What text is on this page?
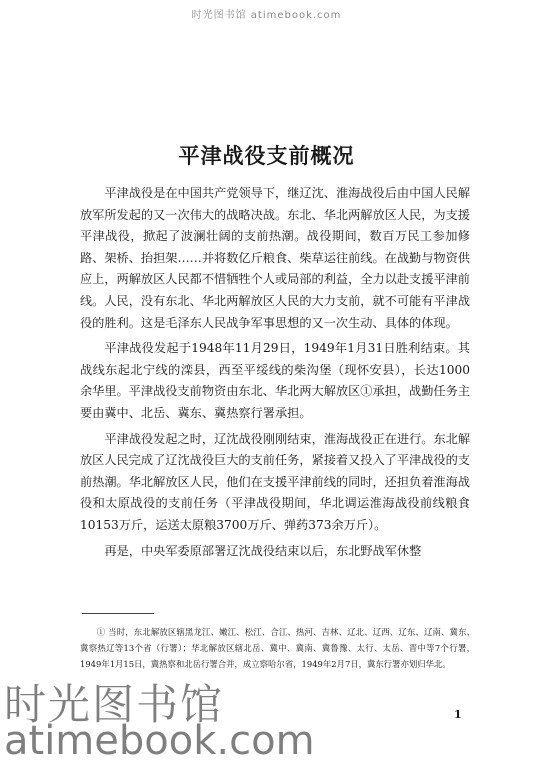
时光图书馆 atimebook.com
平津战役支前概况

平津战役是在中国共产党领导下，继辽沈、淮海战役后由中国人民解放军所发起的又一次伟大的战略决战。东北、华北两解放区人民，为支援平津战役，掀起了波澜壮阔的支前热潮。战役期间，数百万民工参加修路、架桥、抬担架……并将数亿斤粮食、柴草运往前线。在战勤与物资供应上，两解放区人民都不惜牺牲个人或局部的利益，全力以赴支援平津前线。人民，没有东北、华北两解放区人民的大力支前，就不可能有平津战役的胜利。这是毛泽东人民战争军事思想的又一次生动、具体的体现。

平津战役发起于1948年11月29日，1949年1月31日胜利结束。其战线东起北宁线的滦县，西至平绥线的柴沟堡（现怀安县），长达1000余华里。平津战役支前物资由东北、华北两大解放区①承担，战勤任务主要由冀中、北岳、冀东、冀热察行署承担。

平津战役发起之时，辽沈战役刚刚结束，淮海战役正在进行。东北解放区人民完成了辽沈战役巨大的支前任务，紧接着又投入了平津战役的支前热潮。华北解放区人民，他们在支援平津前线的同时，还担负着淮海战役和太原战役的支前任务（平津战役期间，华北调运淮海战役前线粮食10153万斤，运送太原粮3700万斤、弹药373余万斤）。

再是，中央军委原部署辽沈战役结束以后，东北野战军休整

① 当时，东北解放区辖黑龙江、嫩江、松江、合江、热河、吉林、辽北、辽西、辽东、辽南、冀东、冀察热辽等13个省（行署）；华北解放区辖北岳、冀中、冀南、冀鲁豫、太行、太岳、晋中等7个行署，1949年1月15日，冀热察和北岳行署合并，成立察哈尔省，1949年2月7日，冀东行署亦划归华北。

1
时光图书馆
atimebook.com
